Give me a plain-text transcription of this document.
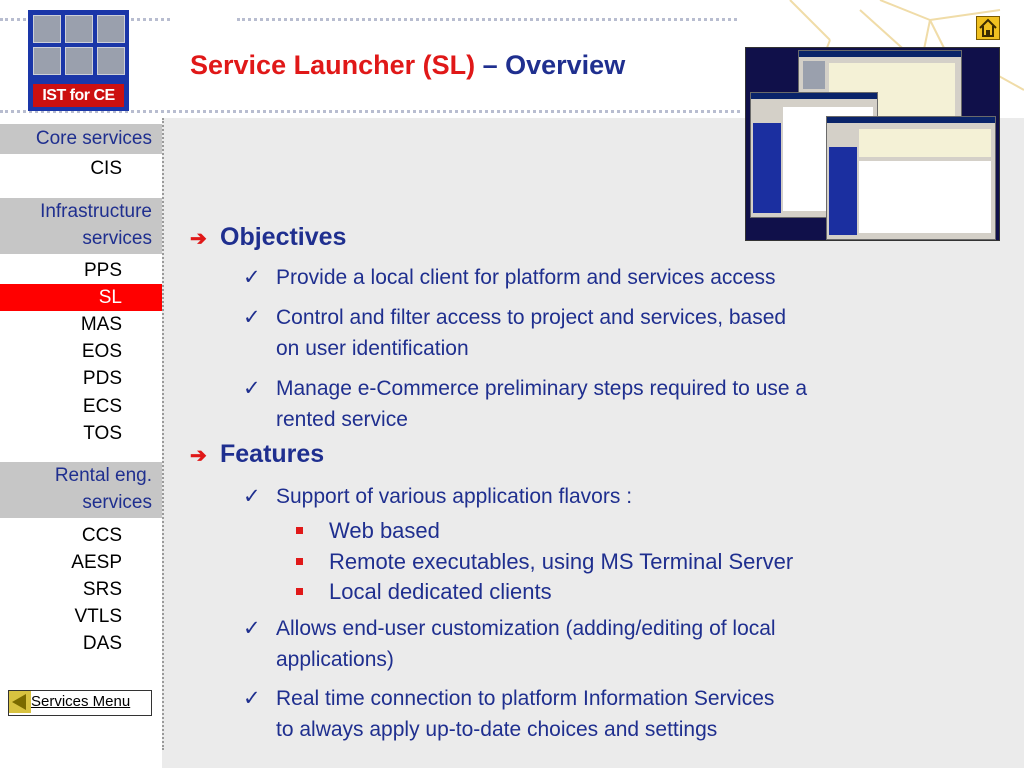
IST for CE
Service Launcher (SL) – Overview
Core services
CIS
Infrastructure
services
PPS
SL
MAS
EOS
PDS
ECS
TOS
Rental eng.
services
CCS
AESP
SRS
VTLS
DAS
Services Menu
➔ Objectives
✓ Provide a local client for platform and services access
✓ Control and filter access to project and services, based
on user identification
✓ Manage e-Commerce preliminary steps required to use a
rented service
➔ Features
✓ Support of various application flavors :
Web based
Remote executables, using MS Terminal Server
Local dedicated clients
✓ Allows end-user customization (adding/editing of local
applications)
✓ Real time connection to platform Information Services
to always apply up-to-date choices and settings
